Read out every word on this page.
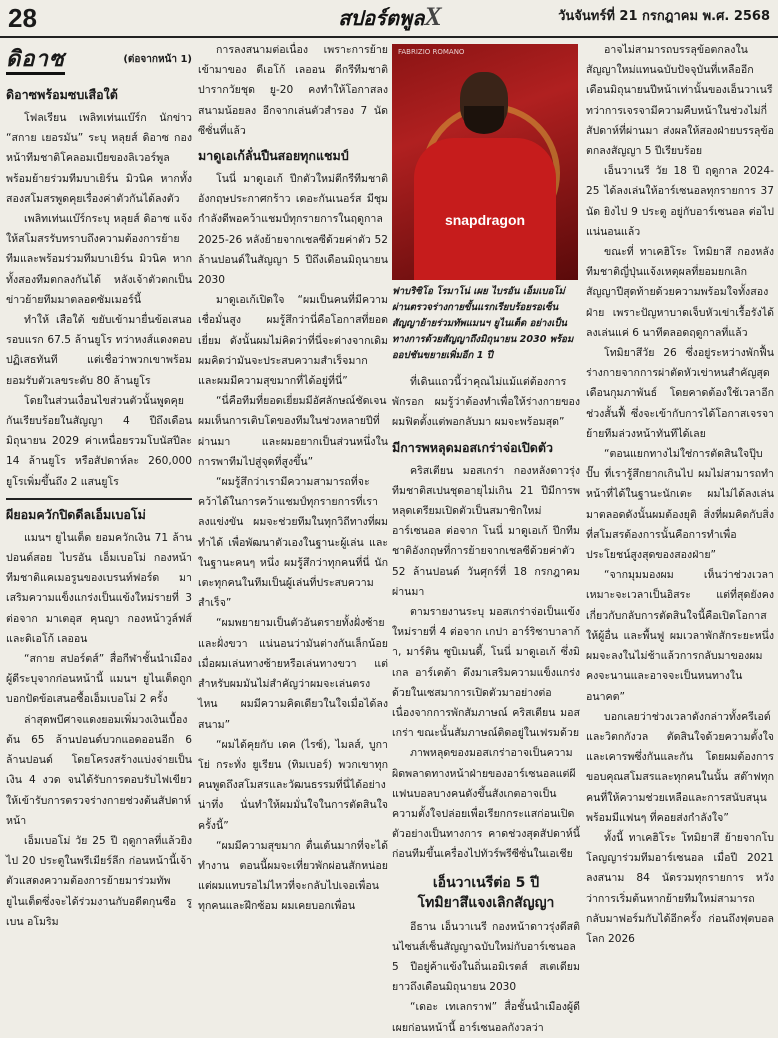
28	สปอร์ตพูลX	วันจันทร์ที่ 21 กรกฎาคม พ.ศ. 2568
ดิอาซ	(ต่อจากหน้า 1)
ดิอาซพร้อมซบเสือใต้

โฟลเรียน เพลิทเท่นแบ๊ร์ก นักข่าว “สกาย เยอรมัน” ระบุ หลุยส์ ดิอาซ กองหน้าทีมชาติโคลอมเบียของลิเวอร์พูล พร้อมย้ายร่วมทีมบาเยิร์น มิวนิค หากทั้งสองสโมสรพูดคุยเรื่องค่าตัวกันได้ลงตัว

เพลิทเท่นแบ๊ร์กระบุ หลุยส์ ดิอาซ แจ้งให้สโมสรรับทราบถึงความต้องการย้ายทีมและพร้อมร่วมทีมบาเยิร์น มิวนิค หากทั้งสองทีมตกลงกันได้ หลังเจ้าตัวตกเป็นข่าวย้ายทีมมาตลอดซัมเมอร์นี้

ทำให้ เสือใต้ ขยับเข้ามายื่นข้อเสนอรอบแรก 67.5 ล้านยูโร ทว่าหงส์แดงตอบปฏิเสธทันที แต่เชื่อว่าพวกเขาพร้อมยอมรับตัวเลขระดับ 80 ล้านยูโร

โดยในส่วนเงื่อนไขส่วนตัวนั้นพูดคุยกันเรียบร้อยในสัญญา 4 ปีถึงเดือนมิถุนายน 2029 ค่าเหนื่อยรวมโบนัสปีละ 14 ล้านยูโร หรือสัปดาห์ละ 260,000 ยูโรเพิ่มขึ้นถึง 2 แสนยูโร

ผียอมควักปิดดีลเอ็มเบอโม่

แมนฯ ยูไนเต็ด ยอมควักเงิน 71 ล้านปอนด์สอย ไบรอัน เอ็มเบอโม่ กองหน้าทีมชาติแคเมอรูนของเบรนท์ฟอร์ด มาเสริมความแข็งแกร่งเป็นแข้งใหม่รายที่ 3 ต่อจาก มาเตอุส คุนญา กองหน้าวูล์ฟส์ และดิเอโก้ เลออน

“สกาย สปอร์ตส์” สื่อกีฬาชั้นนำเมืองผู้ดีระบุจากก่อนหน้านี้ แมนฯ ยูไนเต็ดถูกบอกปัดข้อเสนอซื้อเอ็มเบอโม่ 2 ครั้ง

ล่าสุดพบีศาจแดงยอมเพิ่มวงเงินเบื้องต้น 65 ล้านปอนด์บวกแอดออนอีก 6 ล้านปอนด์ โดยโครงสร้างแบ่งจ่ายเป็นเงิน 4 งวด จนได้รับการตอบรับไฟเขียวให้เข้ารับการตรวจร่างกายช่วงต้นสัปดาห์หน้า

เอ็มเบอโม่ วัย 25 ปี ฤดูกาลที่แล้วยิงไป 20 ประตูในพรีเมียร์ลีก ก่อนหน้านี้เจ้าตัวแสดงความต้องการย้ายมาร่วมทัพยูไนเต็ดซึ่งจะได้ร่วมงานกับอดีตกุนซือ รูเบน อโมริม

การลงสนามต่อเนื่อง เพราะการย้ายเข้ามาของ ดีเอโก้ เลออน ดีกรีทีมชาติปารากวัยชุด ยู-20 คงทำให้โอกาสลงสนามน้อยลง อีกจากเล่นตัวสำรอง 7 นัด ซีซั่นที่แล้ว

มาดูเอเก้ลั่นปืนสอยทุกแชมป์

โนนี่ มาดูเอเก้ ปีกตัวใหม่ตีกรีทีมชาติอังกฤษประกาศกร้าว เดอะกันเนอร์ส มีชุมกำลังดีพอคว้าแชมป์ทุกรายการในฤดูกาล 2025-26 หลังย้ายจากเชลซีด้วยค่าตัว 52 ล้านปอนด์ในสัญญา 5 ปีถึงเดือนมิถุนายน 2030

มาดูเอเก้เปิดใจ “ผมเป็นคนที่มีความเชื่อมั่นสูง ผมรู้สึกว่านี่คือโอกาสที่ยอดเยี่ยม ดังนั้นผมไม่คิดว่าที่นี่จะต่างจากเดิม ผมคิดว่ามันจะประสบความสำเร็จมาก และผมมีความสุขมากที่ได้อยู่ที่นี่”

“นี่คือทีมที่ยอดเยี่ยมมีอัศลักษณ์ชัดเจน ผมเห็นการเติบโตของทีมในช่วงหลายปีที่ผ่านมา และผมอยากเป็นส่วนหนึ่งในการพาทีมไปสู่จุดที่สูงขึ้น”

“ผมรู้สึกว่าเรามีความสามารถที่จะคว้าได้ในการคว้าแชมป์ทุกรายการที่เราลงแข่งขัน ผมจะช่วยทีมในทุกวิถีทางที่ผมทำได้ เพื่อพัฒนาตัวเองในฐานะผู้เล่น และในฐานะคนๆ หนึ่ง ผมรู้สึกว่าทุกคนที่นี่ นักเตะทุกคนในทีมเป็นผู้เล่นที่ประสบความสำเร็จ”

“ผมพยายามเป็นตัวอันตรายทั้งฝั่งซ้ายและฝั่งขวา แน่นอนว่ามันต่างกันเล็กน้อยเมื่อผมเล่นทางซ้ายหรือเล่นทางขวา แต่สำหรับผมมันไม่สำคัญว่าผมจะเล่นตรงไหน ผมมีความคิดเดียวในใจเมื่อได้ลงสนาม”

“ผมได้คุยกับ เดค (ไรซ์), ไมลส์, บูกาโย่ กระทั่ง ยูเรียน (ทิมเบอร์) พวกเขาทุกคนพูดถึงสโมสรและวัฒนธรรมที่นี่ได้อย่างน่าทึ่ง นั่นทำให้ผมมั่นใจในการตัดสินใจครั้งนี้”

“ผมมีความสุขมาก ตื่นเต้นมากที่จะได้ทำงาน ตอนนี้ผมจะเที่ยวพักผ่อนสักหน่อย แต่ผมแทบรอไม่ไหวที่จะกลับไปเจอเพื่อนทุกคนและฝึกซ้อม ผมเคยบอกเพื่อน

FABRIZIO ROMANO
snapdragon
ฟาบริซิโอ โรมาโน่ เผย ไบรอัน เอ็มเบอโม่ ผ่านตรวจร่างกายขั้นแรกเรียบร้อยรอเซ็นสัญญาย้ายร่วมทัพแมนฯ ยูไนเต็ด อย่างเป็นทางการด้วยสัญญาถึงมิถุนายน 2030 พร้อมออปชันขยายเพิ่มอีก 1 ปี

ที่เดินแถวนี้ว่าคุณไม่แม้แต่ต้องการพักรอก ผมรู้ว่าต้องทำเพื่อให้ร่างกายของผมฟิตตั้งแต่พอกลับมา ผมจะพร้อมสุด”

มีการพหลุดมอสเกร่าจ่อเปิดตัว

คริสเตียน มอสเกร่า กองหลังดาวรุ่งทีมชาติสเปนชุดอายุไม่เกิน 21 ปีมีการพหลุดเตรียมเปิดตัวเป็นสมาชิกใหม่อาร์เซนอล ต่อจาก โนนี่ มาดูเอเก้ ปีกทีมชาติอังกฤษที่การย้ายจากเชลซีด้วยค่าตัว 52 ล้านปอนด์ วันศุกร์ที่ 18 กรกฎาคมผ่านมา

ตามรายงานระบุ มอสเกร่าจ่อเป็นแข้งใหม่รายที่ 4 ต่อจาก เกปา อาร์ริซาบาลาก้า, มาร์ติน ซูบิเมนดี้, โนนี่ มาดูเอเก้ ซึ่งมิเกล อาร์เตต้า ดึงมาเสริมความแข็งแกร่งด้วยในเซสมาการเปิดตัวมาอย่างต่อเนื่องจากการพักสัมภาษณ์ คริสเตียน มอสเกร่า ขณะนั้นสัมภาษณ์ติดอยู่ในเฟรมด้วย

ภาพหลุดของมอสเกร่าอาจเป็นความผิดพลาดทางหน้าฝ่ายของอาร์เซนอลแต่ผีแฟนบอลบางคนดังขึ้นสังเกตอาจเป็นความตั้งใจปล่อยเพื่อเรียกกระแสก่อนเปิดตัวอย่างเป็นทางการ คาดช่วงสุดสัปดาห์นี้ก่อนทีมขึ้นเครื่องไปทัวร์พรีซีซั่นในเอเชีย

เอ็นวาเนรีต่อ 5 ปี
โทมิยาสึแจงเลิกสัญญา

อีธาน เอ็นวาเนรี กองหน้าดาวรุ่งดีสตินไซนส์เซ็นสัญญาฉบับใหม่กับอาร์เซนอล 5 ปีอยู่ค้าแข้งในถิ่นเอมิเรตส์ สเตเดียม ยาวถึงเดือนมิถุนายน 2030

“เดอะ เทเลกราฟ” สื่อชั้นนำเมืองผู้ดีเผยก่อนหน้านี้ อาร์เซนอลกังวลว่า

อาจไม่สามารถบรรลุข้อตกลงในสัญญาใหม่แทนฉบับปัจจุบันที่เหลืออีกเดือนมิถุนายนปีหน้าเท่านั้นของเอ็นวาเนรี ทว่าการเจรจามีความคืบหน้าในช่วงไม่กี่สัปดาห์ที่ผ่านมา ส่งผลให้สองฝ่ายบรรลุข้อตกลงสัญญา 5 ปีเรียบร้อย

เอ็นวาเนรี วัย 18 ปี ฤดูกาล 2024-25 ได้ลงเล่นให้อาร์เซนอลทุกรายการ 37 นัด ยิงไป 9 ประตู อยู่กับอาร์เซนอล ต่อไปแน่นอนแล้ว

ขณะที่ ทาเคฮิโระ โทมิยาสึ กองหลังทีมชาติญี่ปุ่นแจ้งเหตุผลที่ยอมยกเลิกสัญญาปีสุดท้ายด้วยความพร้อมใจทั้งสองฝ่าย เพราะปัญหาบาดเจ็บหัวเข่าเรื้อรังได้ลงเล่นแค่ 6 นาทีตลอดฤดูกาลที่แล้ว

โทมิยาสึวัย 26 ซึ่งอยู่ระหว่างพักฟื้นร่างกายจากการผ่าตัดหัวเข่าหนสำคัญสุดเดือนกุมภาพันธ์ โดยคาดต้องใช้เวลาอีกช่วงสั้นฟื้ ซึ่งจะเข้ากับการได้โอกาสเจรจาย้ายทีมล่วงหน้าทันทีได้เลย

“ตอนแยกทางไม่ใช่การตัดสินใจปุ๊บปั๊บ ที่เรารู้สึกยากเกินไป ผมไม่สามารถทำหน้าที่ได้ในฐานะนักเตะ ผมไม่ได้ลงเล่นมาตลอดดังนั้นผมต้องยุติ สิ่งที่ผมคิดกับสิ่งที่สโมสรต้องการนั้นคือการทำเพื่อประโยชน์สูงสุดของสองฝ่าย”

“จากมุมมองผม เห็นว่าช่วงเวลาเหมาะจะเวลาเป็นอิสระ แต่ที่สุดยังคงเกี่ยวกับกลับการตัดสินใจนี้คือเปิดโอกาสให้ผู้อื่น และพื้นฟู ผมเวลาพักสักระยะหนึ่ง ผมจะลงในไม่ช้าแล้วการกลับมาของผม คงจะนานและอาจจะเป็นหนทางในอนาคต”

บอกเลยว่าช่วงเวลาดังกล่าวทั้งครีเอต์และวิตกกังวล ตัดสินใจด้วยความตั้งใจและเคารพซึ่งกันและกัน โดยผมต้องการขอบคุณสโมสรและทุกคนในนั้น สต๊าฟทุกคนที่ให้ความช่วยเหลือและการสนับสนุน พร้อมมีแฟนๆ ที่คอยส่งกำลังใจ”

ทั้งนี้ ทาเคฮิโระ โทมิยาสึ ย้ายจากโบโลญญาร่วมทีมอาร์เซนอล เมื่อปี 2021 ลงสนาม 84 นัดรวมทุกรายการ หวังว่าการเริ่มต้นหากย้ายทีมใหม่สามารถกลับมาฟอร์มกับได้อีกครั้ง ก่อนถึงฟุตบอลโลก 2026
